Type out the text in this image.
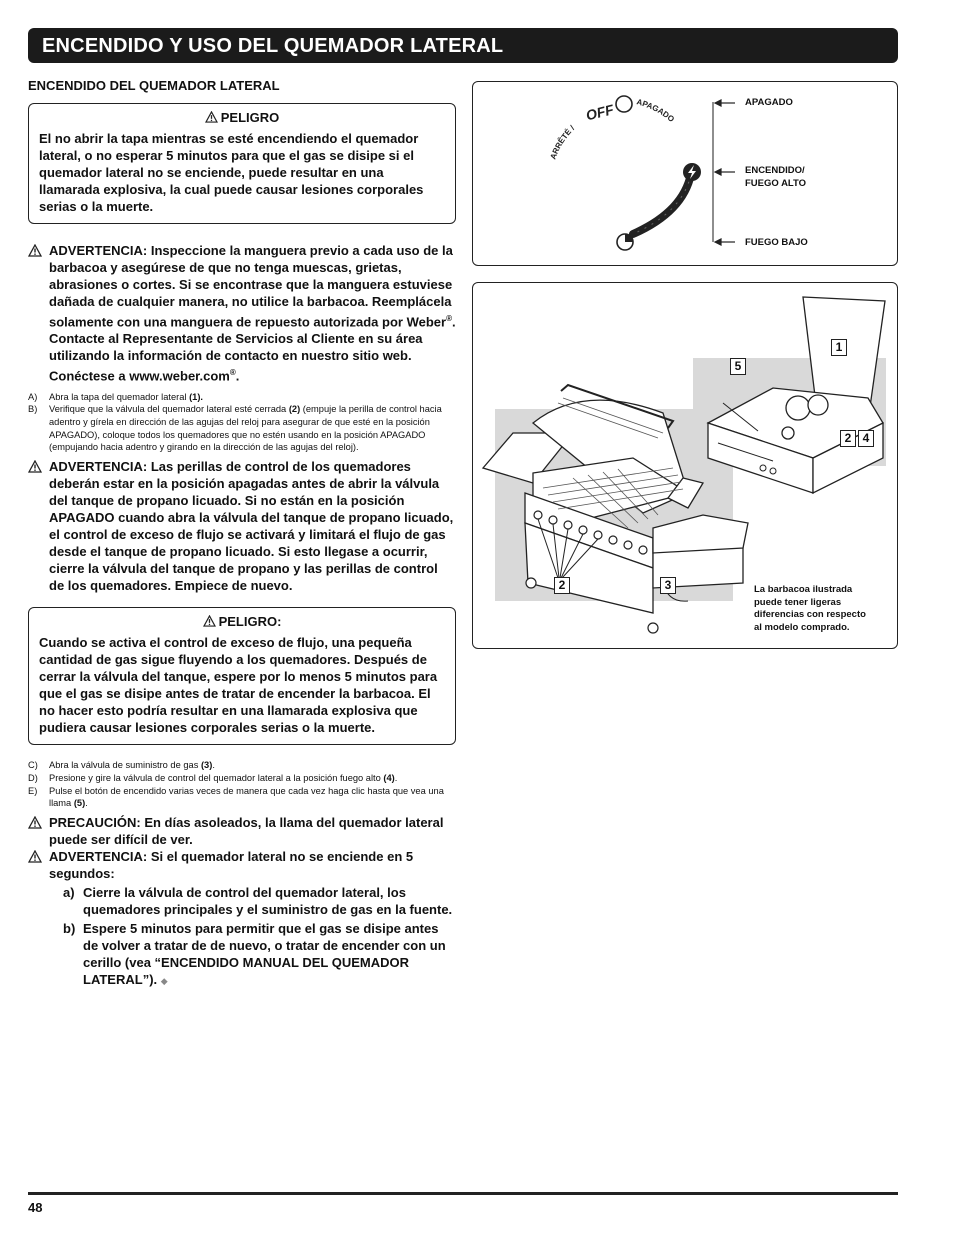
ENCENDIDO Y USO DEL QUEMADOR LATERAL
ENCENDIDO DEL QUEMADOR LATERAL
PELIGRO
El no abrir la tapa mientras se esté encendiendo el quemador lateral, o no esperar 5 minutos para que el gas se disipe si el quemador lateral no se enciende, puede resultar en una llamarada explosiva, la cual puede causar lesiones corporales serias o la muerte.
ADVERTENCIA: Inspeccione la manguera previo a cada uso de la barbacoa y asegúrese de que no tenga muescas, grietas, abrasiones o cortes. Si se encontrase que la manguera estuviese dañada de cualquier manera, no utilice la barbacoa. Reemplácela solamente con una manguera de repuesto autorizada por Weber®. Contacte al Representante de Servicios al Cliente en su área utilizando la información de contacto en nuestro sitio web.
Conéctese a www.weber.com®.
A) Abra la tapa del quemador lateral (1).
B) Verifique que la válvula del quemador lateral esté cerrada (2) (empuje la perilla de control hacia adentro y gírela en dirección de las agujas del reloj para asegurar de que esté en la posición APAGADO), coloque todos los quemadores que no estén usando en la posición APAGADO (empujando hacia adentro y girando en la dirección de las agujas del reloj).
ADVERTENCIA: Las perillas de control de los quemadores deberán estar en la posición apagadas antes de abrir la válvula del tanque de propano licuado. Si no están en la posición APAGADO cuando abra la válvula del tanque de propano licuado, el control de exceso de flujo se activará y limitará el flujo de gas desde el tanque de propano licuado. Si esto llegase a ocurrir, cierre la válvula del tanque de propano y las perillas de control de los quemadores. Empiece de nuevo.
PELIGRO:
Cuando se activa el control de exceso de flujo, una pequeña cantidad de gas sigue fluyendo a los quemadores. Después de cerrar la válvula del tanque, espere por lo menos 5 minutos para que el gas se disipe antes de tratar de encender la barbacoa. El no hacer esto podría resultar en una llamarada explosiva que pudiera causar lesiones corporales serias o la muerte.
C) Abra la válvula de suministro de gas (3).
D) Presione y gire la válvula de control del quemador lateral a la posición fuego alto (4).
E) Pulse el botón de encendido varias veces de manera que cada vez haga clic hasta que vea una llama (5).
PRECAUCIÓN: En días asoleados, la llama del quemador lateral puede ser difícil de ver.
ADVERTENCIA: Si el quemador lateral no se enciende en 5 segundos:
a) Cierre la válvula de control del quemador lateral, los quemadores principales y el suministro de gas en la fuente.
b) Espere 5 minutos para permitir que el gas se disipe antes de volver a tratar de de nuevo, o tratar de encender con un cerillo (vea “ENCENDIDO MANUAL DEL QUEMADOR LATERAL”). ◆
ARRÊTÉ /
OFF	APAGADO
APAGADO
ENCENDIDO/
FUEGO ALTO
FUEGO BAJO
1
5
2 4
2	3	La barbacoa ilustrada
puede tener ligeras
diferencias con respecto
al modelo comprado.
48
